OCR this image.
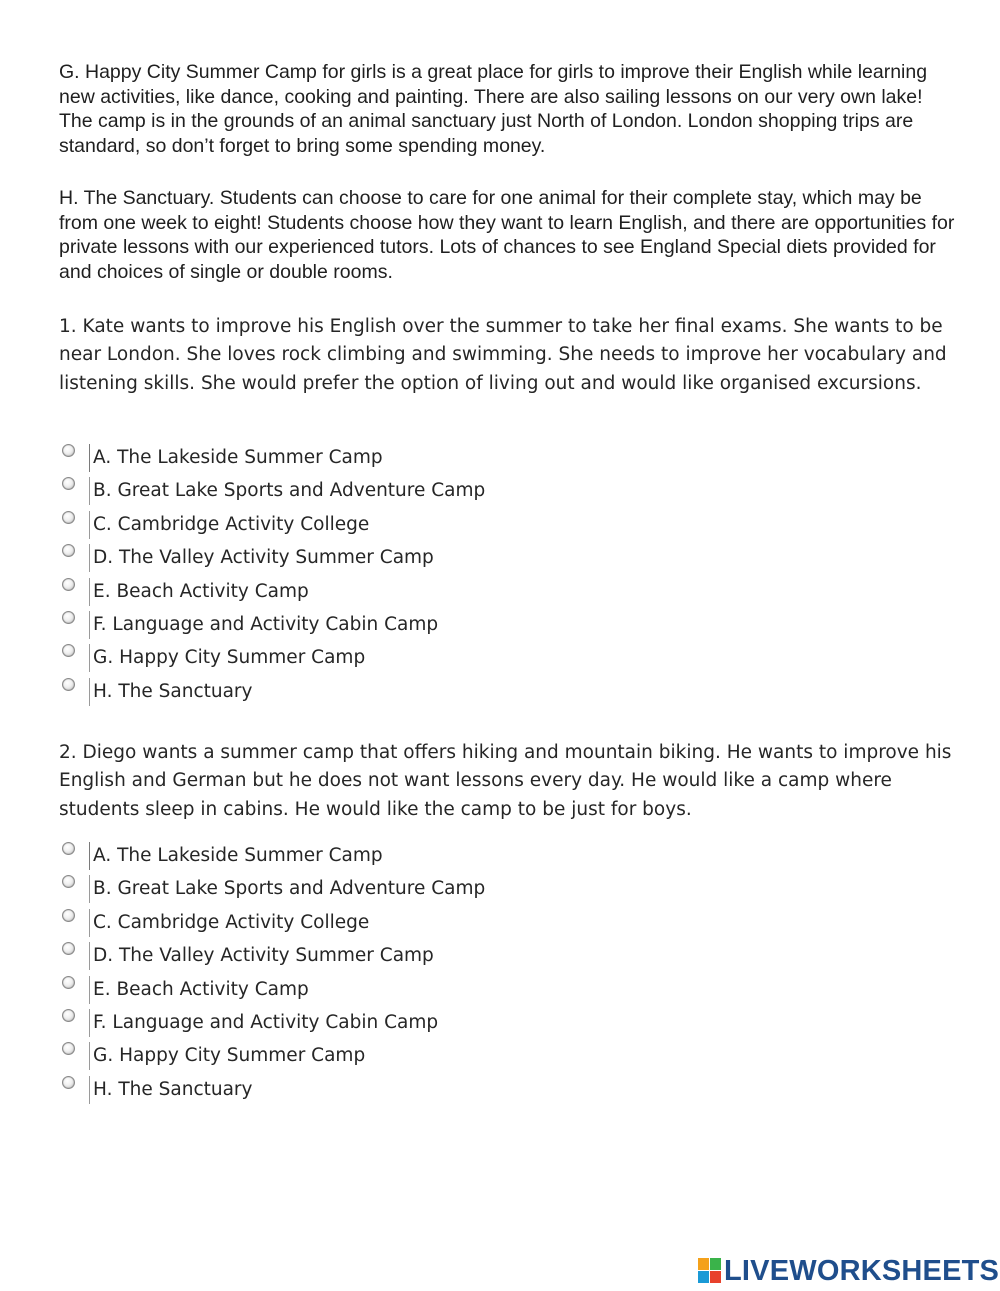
G. Happy City Summer Camp for girls is a great place for girls to improve their English while learning new activities, like dance, cooking and painting. There are also sailing lessons on our very own lake! The camp is in the grounds of an animal sanctuary just North of London. London shopping trips are standard, so don’t forget to bring some spending money.

H. The Sanctuary. Students can choose to care for one animal for their complete stay, which may be from one week to eight! Students choose how they want to learn English, and there are opportunities for private lessons with our experienced tutors. Lots of chances to see England Special diets provided for and choices of single or double rooms.

1. Kate wants to improve his English over the summer to take her final exams. She wants to be near London. She loves rock climbing and swimming. She needs to improve her vocabulary and listening skills. She would prefer the option of living out and would like organised excursions.

A. The Lakeside Summer Camp
B. Great Lake Sports and Adventure Camp
C. Cambridge Activity College
D. The Valley Activity Summer Camp
E. Beach Activity Camp
F. Language and Activity Cabin Camp
G. Happy City Summer Camp
H. The Sanctuary

2. Diego wants a summer camp that offers hiking and mountain biking. He wants to improve his English and German but he does not want lessons every day. He would like a camp where students sleep in cabins. He would like the camp to be just for boys.

A. The Lakeside Summer Camp
B. Great Lake Sports and Adventure Camp
C. Cambridge Activity College
D. The Valley Activity Summer Camp
E. Beach Activity Camp
F. Language and Activity Cabin Camp
G. Happy City Summer Camp
H. The Sanctuary
LIVEWORKSHEETS
